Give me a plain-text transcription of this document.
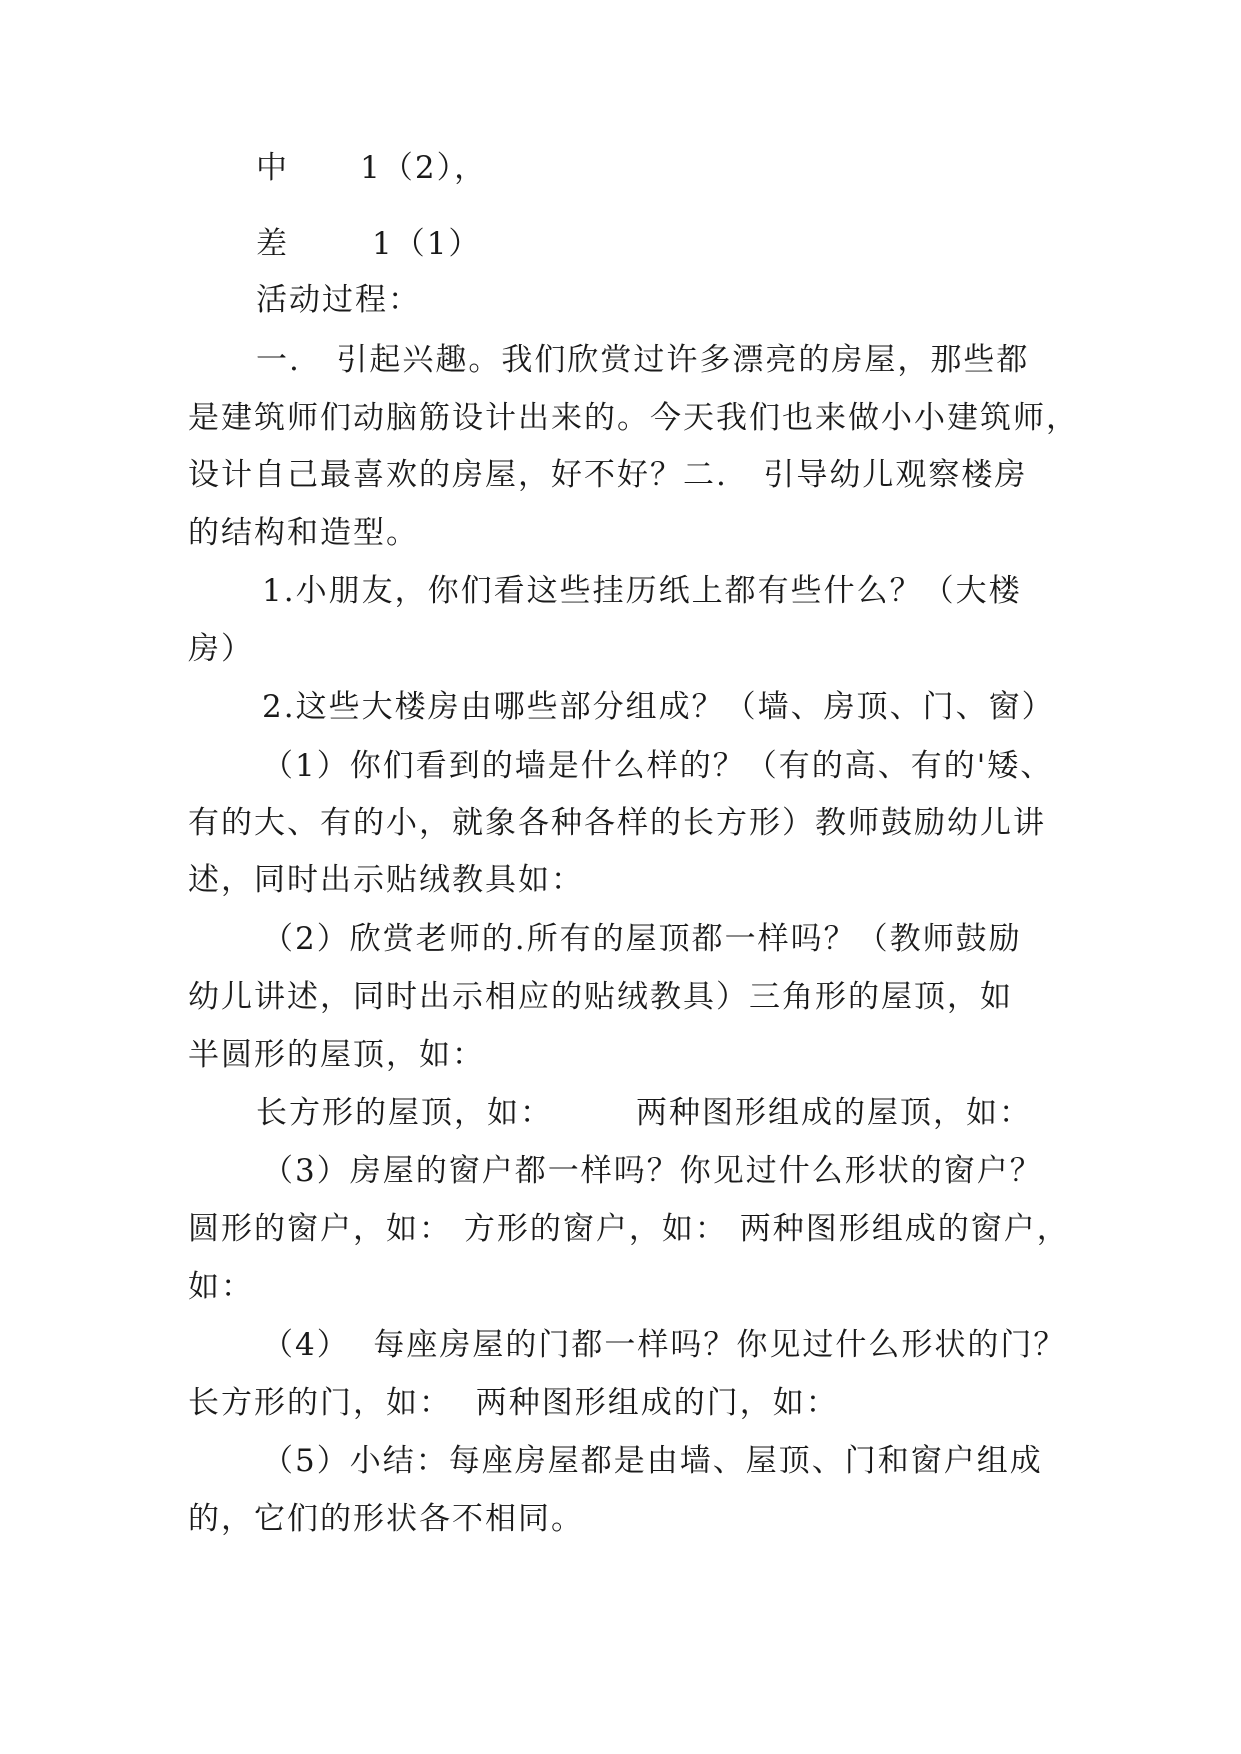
中      1（2），
差       1（1）
活动过程：
一.   引起兴趣。我们欣赏过许多漂亮的房屋，那些都
是建筑师们动脑筋设计出来的。今天我们也来做小小建筑师，
设计自己最喜欢的房屋，好不好？二.   引导幼儿观察楼房
的结构和造型。
1.小朋友，你们看这些挂历纸上都有些什么？（大楼
房）
2.这些大楼房由哪些部分组成？（墙、房顶、门、窗）
（1）你们看到的墙是什么样的？（有的高、有的'矮、
有的大、有的小，就象各种各样的长方形）教师鼓励幼儿讲
述，同时出示贴绒教具如：
（2）欣赏老师的.所有的屋顶都一样吗？（教师鼓励
幼儿讲述，同时出示相应的贴绒教具）三角形的屋顶，如
半圆形的屋顶，如：
长方形的屋顶，如：       两种图形组成的屋顶，如：
（3）房屋的窗户都一样吗？你见过什么形状的窗户？
圆形的窗户，如： 方形的窗户，如： 两种图形组成的窗户，
如：
（4）  每座房屋的门都一样吗？你见过什么形状的门？
长方形的门，如：  两种图形组成的门，如：
（5）小结：每座房屋都是由墙、屋顶、门和窗户组成
的，它们的形状各不相同。
